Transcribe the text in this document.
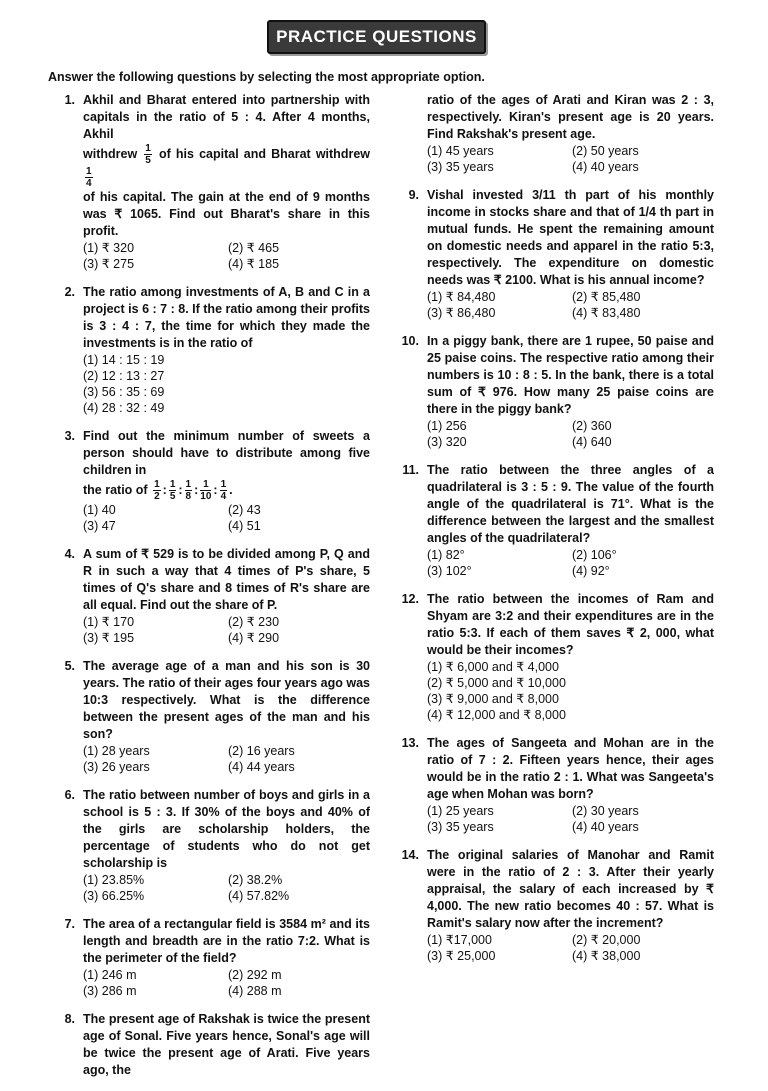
PRACTICE QUESTIONS
Answer the following questions by selecting the most appropriate option.
1. Akhil and Bharat entered into partnership with capitals in the ratio of 5 : 4. After 4 months, Akhil
withdrew $\frac{1}{5}$ of his capital and Bharat withdrew
$\frac{1}{4}$

of his capital. The gain at the end of 9 months was ₹ 1065. Find out Bharat's share in this profit.
(1) ₹ 320	(2) ₹ 465
(3) ₹ 275	(4) ₹ 185
2. The ratio among investments of A, B and C in a project is 6 : 7 : 8. If the ratio among their profits is 3 : 4 : 7, the time for which they made the investments is in the ratio of
(1) 14 : 15 : 19
(2) 12 : 13 : 27
(3) 56 : 35 : 69
(4) 28 : 32 : 49
3. Find out the minimum number of sweets a person should have to distribute among five children in
the ratio of $\frac{1}{2}$ : $\frac{1}{5}$ : $\frac{1}{8}$ : $\frac{1}{10}$ : $\frac{1}{4}$ .
(1) 40	(2) 43
(3) 47	(4) 51
4. A sum of ₹ 529 is to be divided among P, Q and R in such a way that 4 times of P's share, 5 times of Q's share and 8 times of R's share are all equal. Find out the share of P.
(1) ₹ 170	(2) ₹ 230
(3) ₹ 195	(4) ₹ 290
5. The average age of a man and his son is 30 years. The ratio of their ages four years ago was 10:3 respectively. What is the difference between the present ages of the man and his son?
(1) 28 years	(2) 16 years
(3) 26 years	(4) 44 years
6. The ratio between number of boys and girls in a school is 5 : 3. If 30% of the boys and 40% of the girls are scholarship holders, the percentage of students who do not get scholarship is
(1) 23.85%	(2) 38.2%
(3) 66.25%	(4) 57.82%
7. The area of a rectangular field is 3584 m² and its length and breadth are in the ratio 7:2. What is the perimeter of the field?
(1) 246 m	(2) 292 m
(3) 286 m	(4) 288 m
8. The present age of Rakshak is twice the present age of Sonal. Five years hence, Sonal's age will be twice the present age of Arati. Five years ago, the
ratio of the ages of Arati and Kiran was 2 : 3, respectively. Kiran's present age is 20 years. Find Rakshak's present age.
(1) 45 years	(2) 50 years
(3) 35 years	(4) 40 years
9. Vishal invested 3/11 th part of his monthly income in stocks share and that of 1/4 th part in mutual funds. He spent the remaining amount on domestic needs and apparel in the ratio 5:3, respectively. The expenditure on domestic needs was ₹ 2100. What is his annual income?
(1) ₹ 84,480	(2) ₹ 85,480
(3) ₹ 86,480	(4) ₹ 83,480
10. In a piggy bank, there are 1 rupee, 50 paise and 25 paise coins. The respective ratio among their numbers is 10 : 8 : 5. In the bank, there is a total sum of ₹ 976. How many 25 paise coins are there in the piggy bank?
(1) 256	(2) 360
(3) 320	(4) 640
11. The ratio between the three angles of a quadrilateral is 3 : 5 : 9. The value of the fourth angle of the quadrilateral is 71°. What is the difference between the largest and the smallest angles of the quadrilateral?
(1) 82°	(2) 106°
(3) 102°	(4) 92°
12. The ratio between the incomes of Ram and Shyam are 3:2 and their expenditures are in the ratio 5:3. If each of them saves ₹ 2, 000, what would be their incomes?
(1) ₹ 6,000 and ₹ 4,000
(2) ₹ 5,000 and ₹ 10,000
(3) ₹ 9,000 and ₹ 8,000
(4) ₹ 12,000 and ₹ 8,000
13. The ages of Sangeeta and Mohan are in the ratio of 7 : 2. Fifteen years hence, their ages would be in the ratio 2 : 1. What was Sangeeta's age when Mohan was born?
(1) 25 years	(2) 30 years
(3) 35 years	(4) 40 years
14. The original salaries of Manohar and Ramit were in the ratio of 2 : 3. After their yearly appraisal, the salary of each increased by ₹ 4,000. The new ratio becomes 40 : 57. What is Ramit's salary now after the increment?
(1) ₹17,000	(2) ₹ 20,000
(3) ₹ 25,000	(4) ₹ 38,000
